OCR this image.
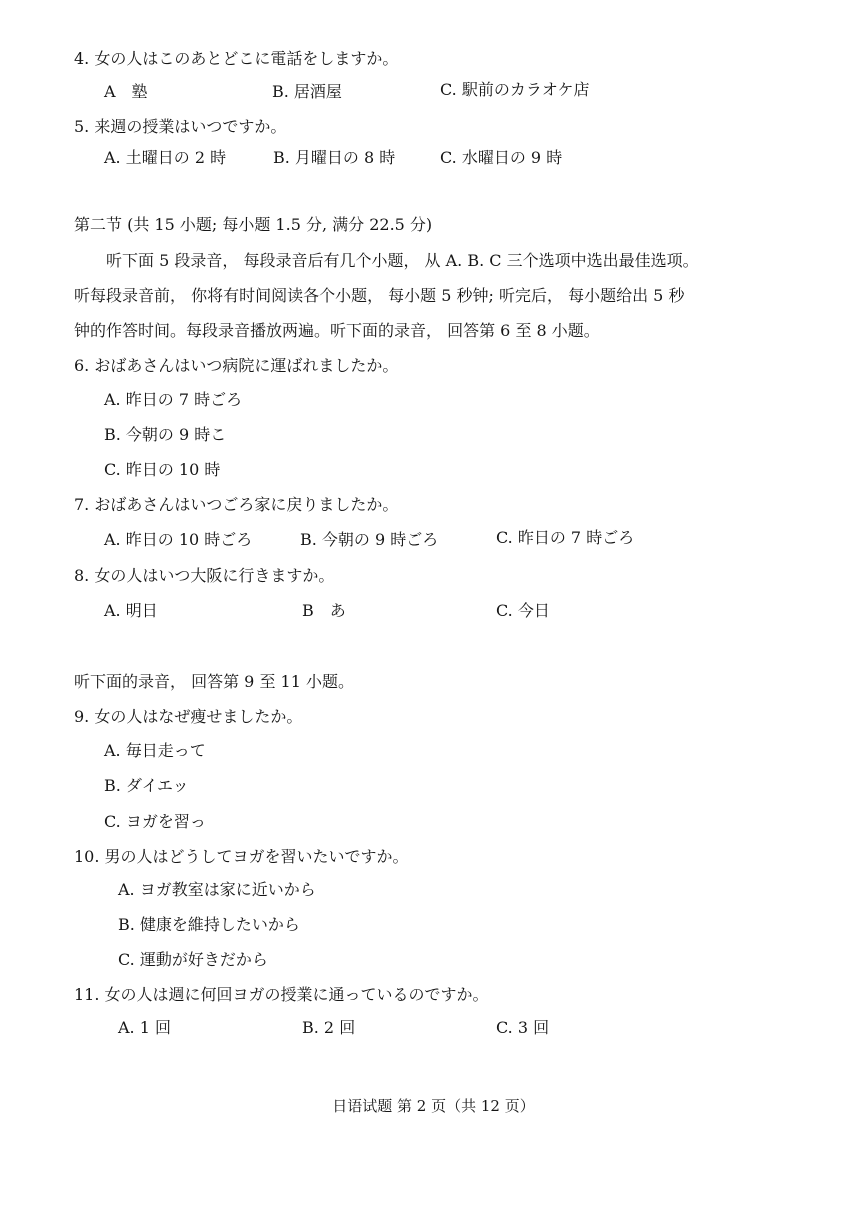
4. 女の人はこのあとどこに電話をしますか。
A　塾	B. 居酒屋	C. 駅前のカラオケ店
5. 来週の授業はいつですか。
A. 土曜日の 2 時	B. 月曜日の 8 時	C. 水曜日の 9 時
第二节 (共 15 小题; 每小题 1.5 分, 满分 22.5 分)
听下面 5 段录音， 每段录音后有几个小题， 从 A. B. C 三个选项中选出最佳选项。
听每段录音前， 你将有时间阅读各个小题， 每小题 5 秒钟; 听完后， 每小题给出 5 秒
钟的作答时间。每段录音播放两遍。听下面的录音， 回答第 6 至 8 小题。
6. おばあさんはいつ病院に運ばれましたか。
A. 昨日の 7 時ごろ
B. 今朝の 9 時こ
C. 昨日の 10 時
7. おばあさんはいつごろ家に戻りましたか。
A. 昨日の 10 時ごろ	B. 今朝の 9 時ごろ	C. 昨日の 7 時ごろ
8. 女の人はいつ大阪に行きますか。
A. 明日	B　あ	C. 今日
听下面的录音， 回答第 9 至 11 小题。
9. 女の人はなぜ痩せましたか。
A. 毎日走って
B. ダイエッ
C. ヨガを習っ
10. 男の人はどうしてヨガを習いたいですか。
A. ヨガ教室は家に近いから
B. 健康を維持したいから
C. 運動が好きだから
11. 女の人は週に何回ヨガの授業に通っているのですか。
A. 1 回	B. 2 回	C. 3 回
日语试题 第 2 页（共 12 页）
